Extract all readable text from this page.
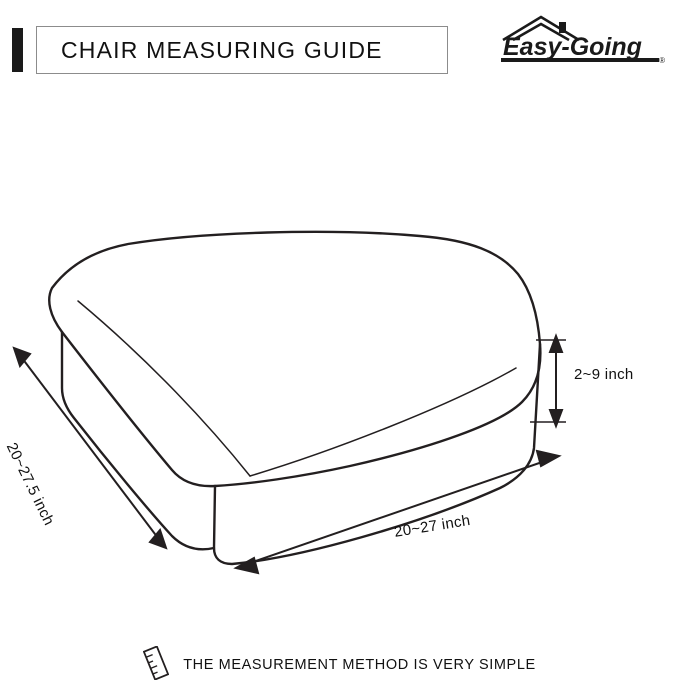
CHAIR MEASURING GUIDE	Easy-Going ®
2~9 inch
20~27 inch
20~27.5 inch
THE MEASUREMENT METHOD IS VERY SIMPLE
